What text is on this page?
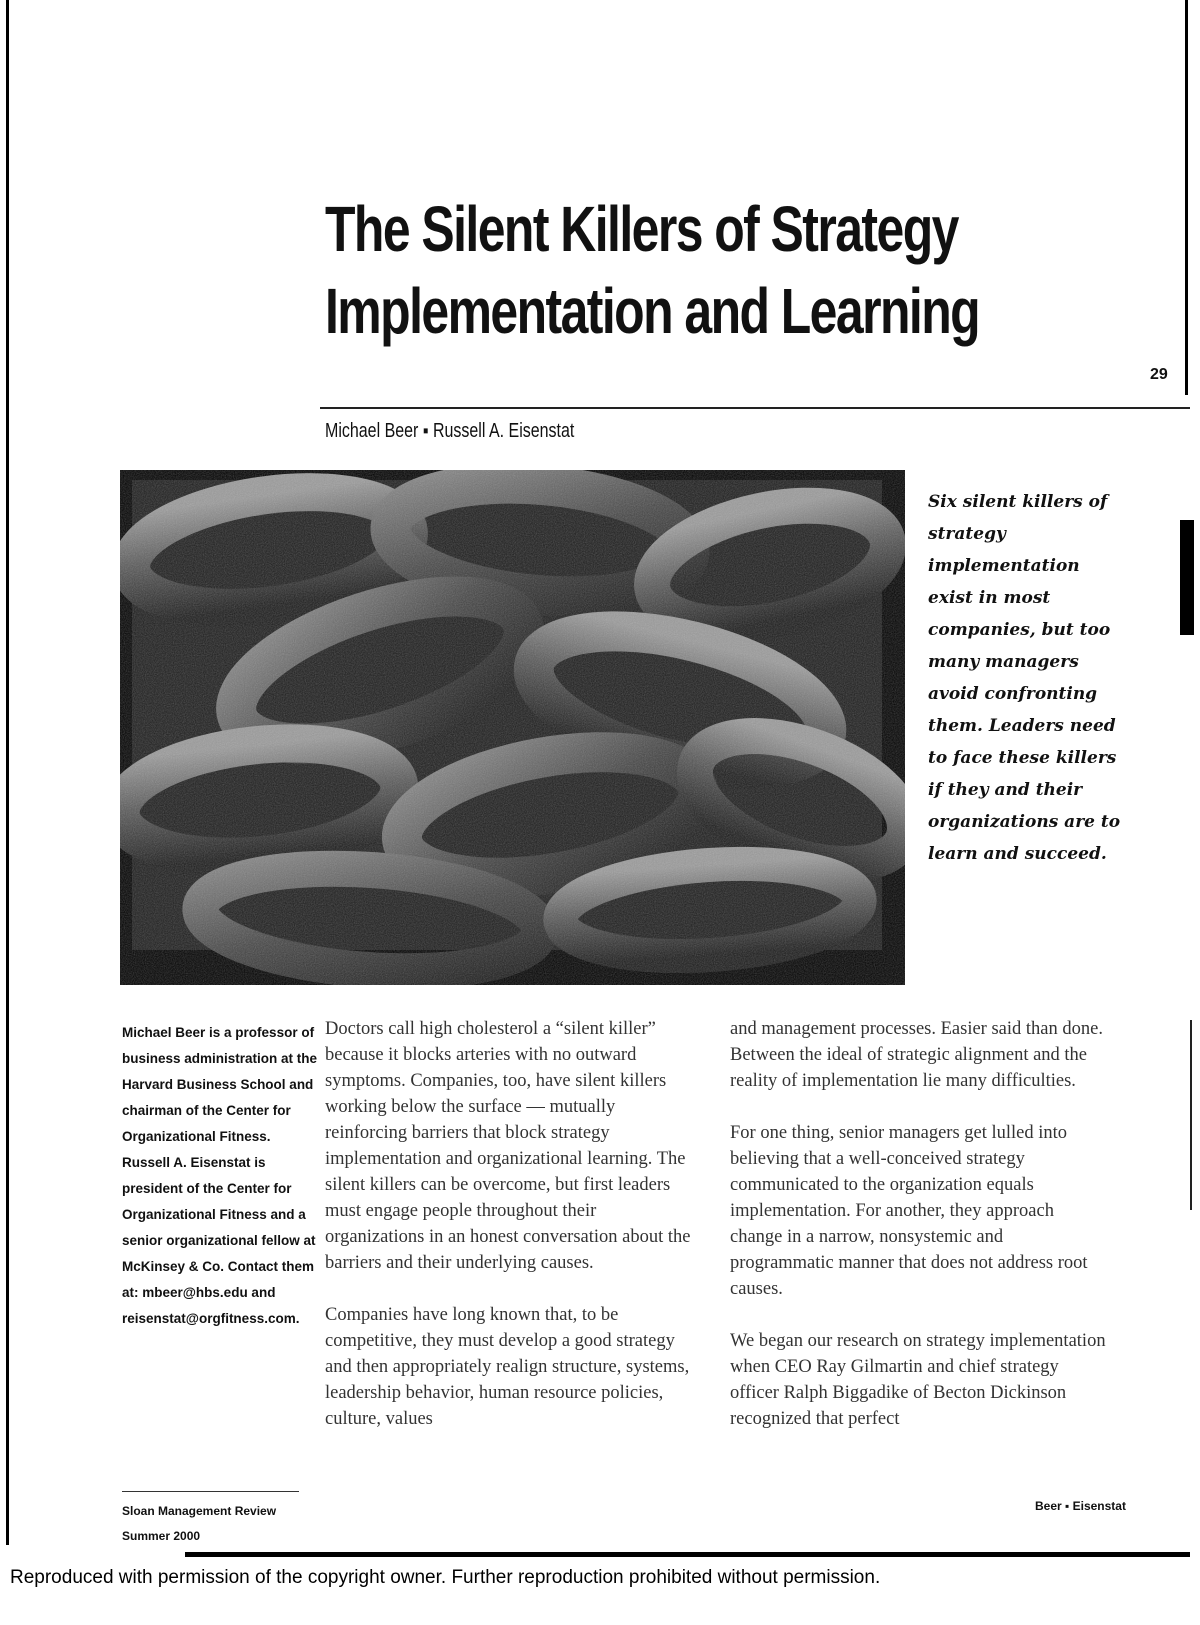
The Silent Killers of Strategy
Implementation and Learning
29
Michael Beer ▪ Russell A. Eisenstat
Six silent killers of strategy implementation exist in most companies, but too many managers avoid confronting them. Leaders need to face these killers if they and their organizations are to learn and succeed.
Michael Beer is a professor of business administration at the Harvard Business School and chairman of the Center for Organizational Fitness. Russell A. Eisenstat is president of the Center for Organizational Fitness and a senior organizational fellow at McKinsey & Co. Contact them at: mbeer@hbs.edu and reisenstat@orgfitness.com.

Doctors call high cholesterol a “silent killer” because it blocks arteries with no outward symptoms. Companies, too, have silent killers working below the surface — mutually reinforcing barriers that block strategy implementation and organizational learning. The silent killers can be overcome, but first leaders must engage people throughout their organizations in an honest conversation about the barriers and their underlying causes.

Companies have long known that, to be competitive, they must develop a good strategy and then appropriately realign structure, systems, leadership behavior, human resource policies, culture, values

and management processes. Easier said than done. Between the ideal of strategic alignment and the reality of implementation lie many difficulties.

For one thing, senior managers get lulled into believing that a well-conceived strategy communicated to the organization equals implementation. For another, they approach change in a narrow, nonsystemic and programmatic manner that does not address root causes.

We began our research on strategy implementation when CEO Ray Gilmartin and chief strategy officer Ralph Biggadike of Becton Dickinson recognized that perfect

Sloan Management Review
Summer 2000
Beer ▪ Eisenstat
Reproduced with permission of the copyright owner. Further reproduction prohibited without permission.
